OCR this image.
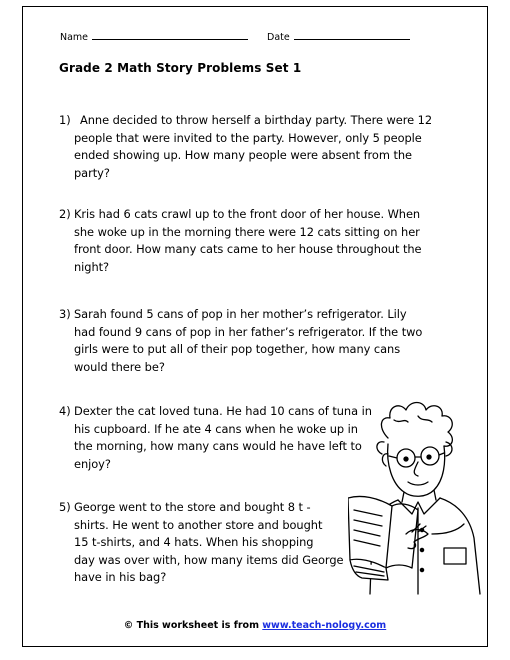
Name	Date
Grade 2 Math Story Problems Set 1
1) Anne decided to throw herself a birthday party. There were 12
people that were invited to the party. However, only 5 people
ended showing up. How many people were absent from the
party?
2) Kris had 6 cats crawl up to the front door of her house. When
she woke up in the morning there were 12 cats sitting on her
front door. How many cats came to her house throughout the
night?
3) Sarah found 5 cans of pop in her mother’s refrigerator. Lily
had found 9 cans of pop in her father’s refrigerator. If the two
girls were to put all of their pop together, how many cans
would there be?
4) Dexter the cat loved tuna. He had 10 cans of tuna in
his cupboard. If he ate 4 cans when he woke up in
the morning, how many cans would he have left to
enjoy?
5) George went to the store and bought 8 t -
shirts. He went to another store and bought
15 t-shirts, and 4 hats. When his shopping
day was over with, how many items did George
have in his bag?
© This worksheet is from www.teach-nology.com
